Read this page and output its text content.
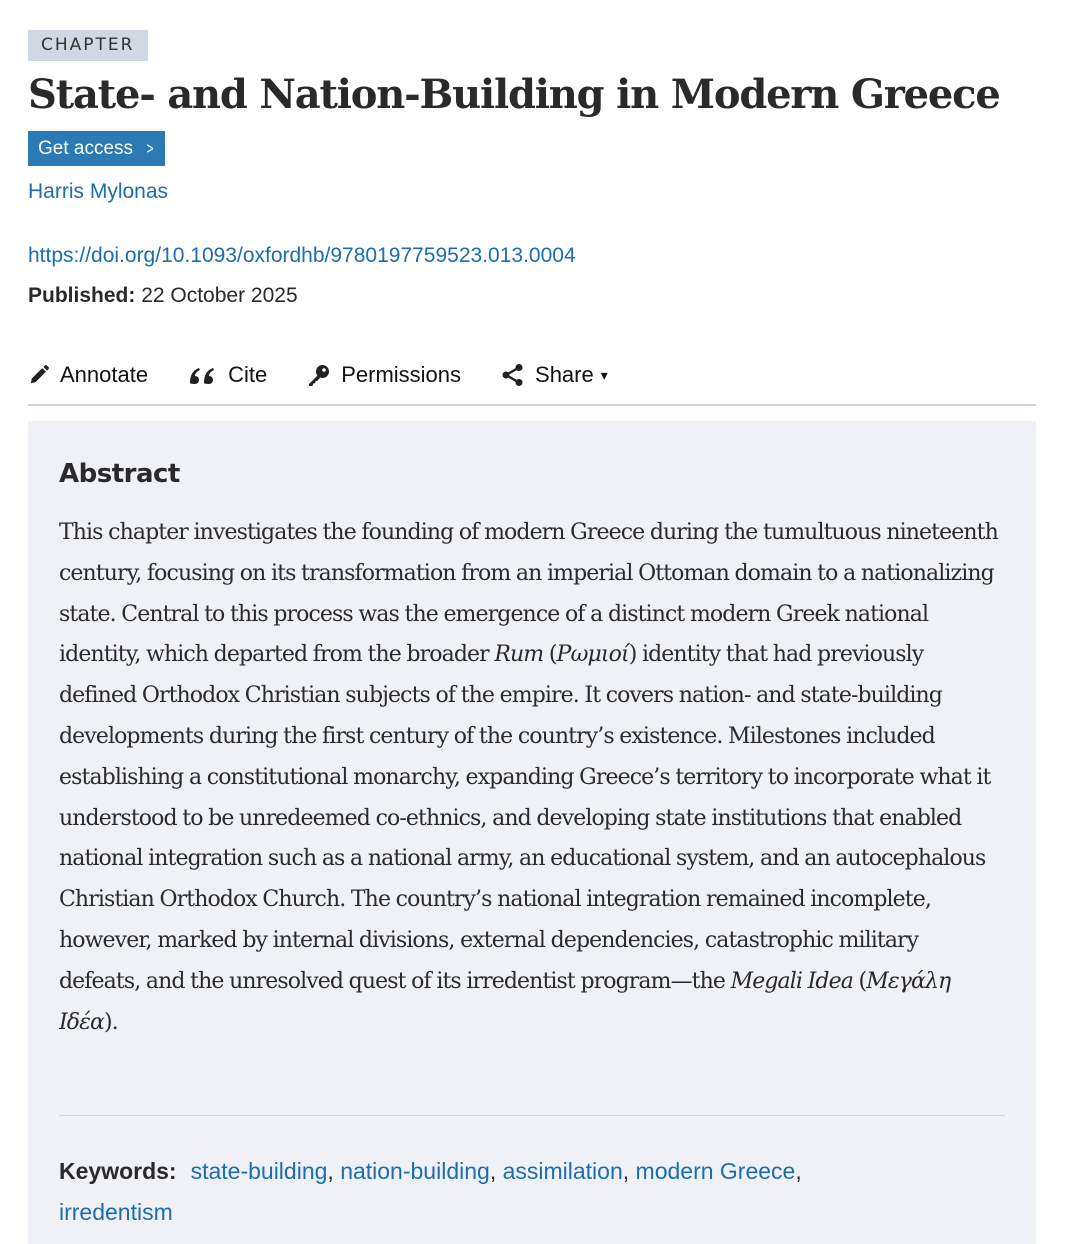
CHAPTER
State- and Nation-Building in Modern Greece
Get access >
Harris Mylonas
https://doi.org/10.1093/oxfordhb/9780197759523.013.0004
Published: 22 October 2025
Annotate	Cite	Permissions	Share ▾
Abstract

This chapter investigates the founding of modern Greece during the tumultuous nineteenth century, focusing on its transformation from an imperial Ottoman domain to a nationalizing state. Central to this process was the emergence of a distinct modern Greek national identity, which departed from the broader Rum (Ρωμιοί) identity that had previously defined Orthodox Christian subjects of the empire. It covers nation- and state-building developments during the first century of the country’s existence. Milestones included establishing a constitutional monarchy, expanding Greece’s territory to incorporate what it understood to be unredeemed co-ethnics, and developing state institutions that enabled national integration such as a national army, an educational system, and an autocephalous Christian Orthodox Church. The country’s national integration remained incomplete, however, marked by internal divisions, external dependencies, catastrophic military defeats, and the unresolved quest of its irredentist program—the Megali Idea (Μεγάλη Ιδέα).

Keywords: state-building, nation-building, assimilation, modern Greece,
irredentism
